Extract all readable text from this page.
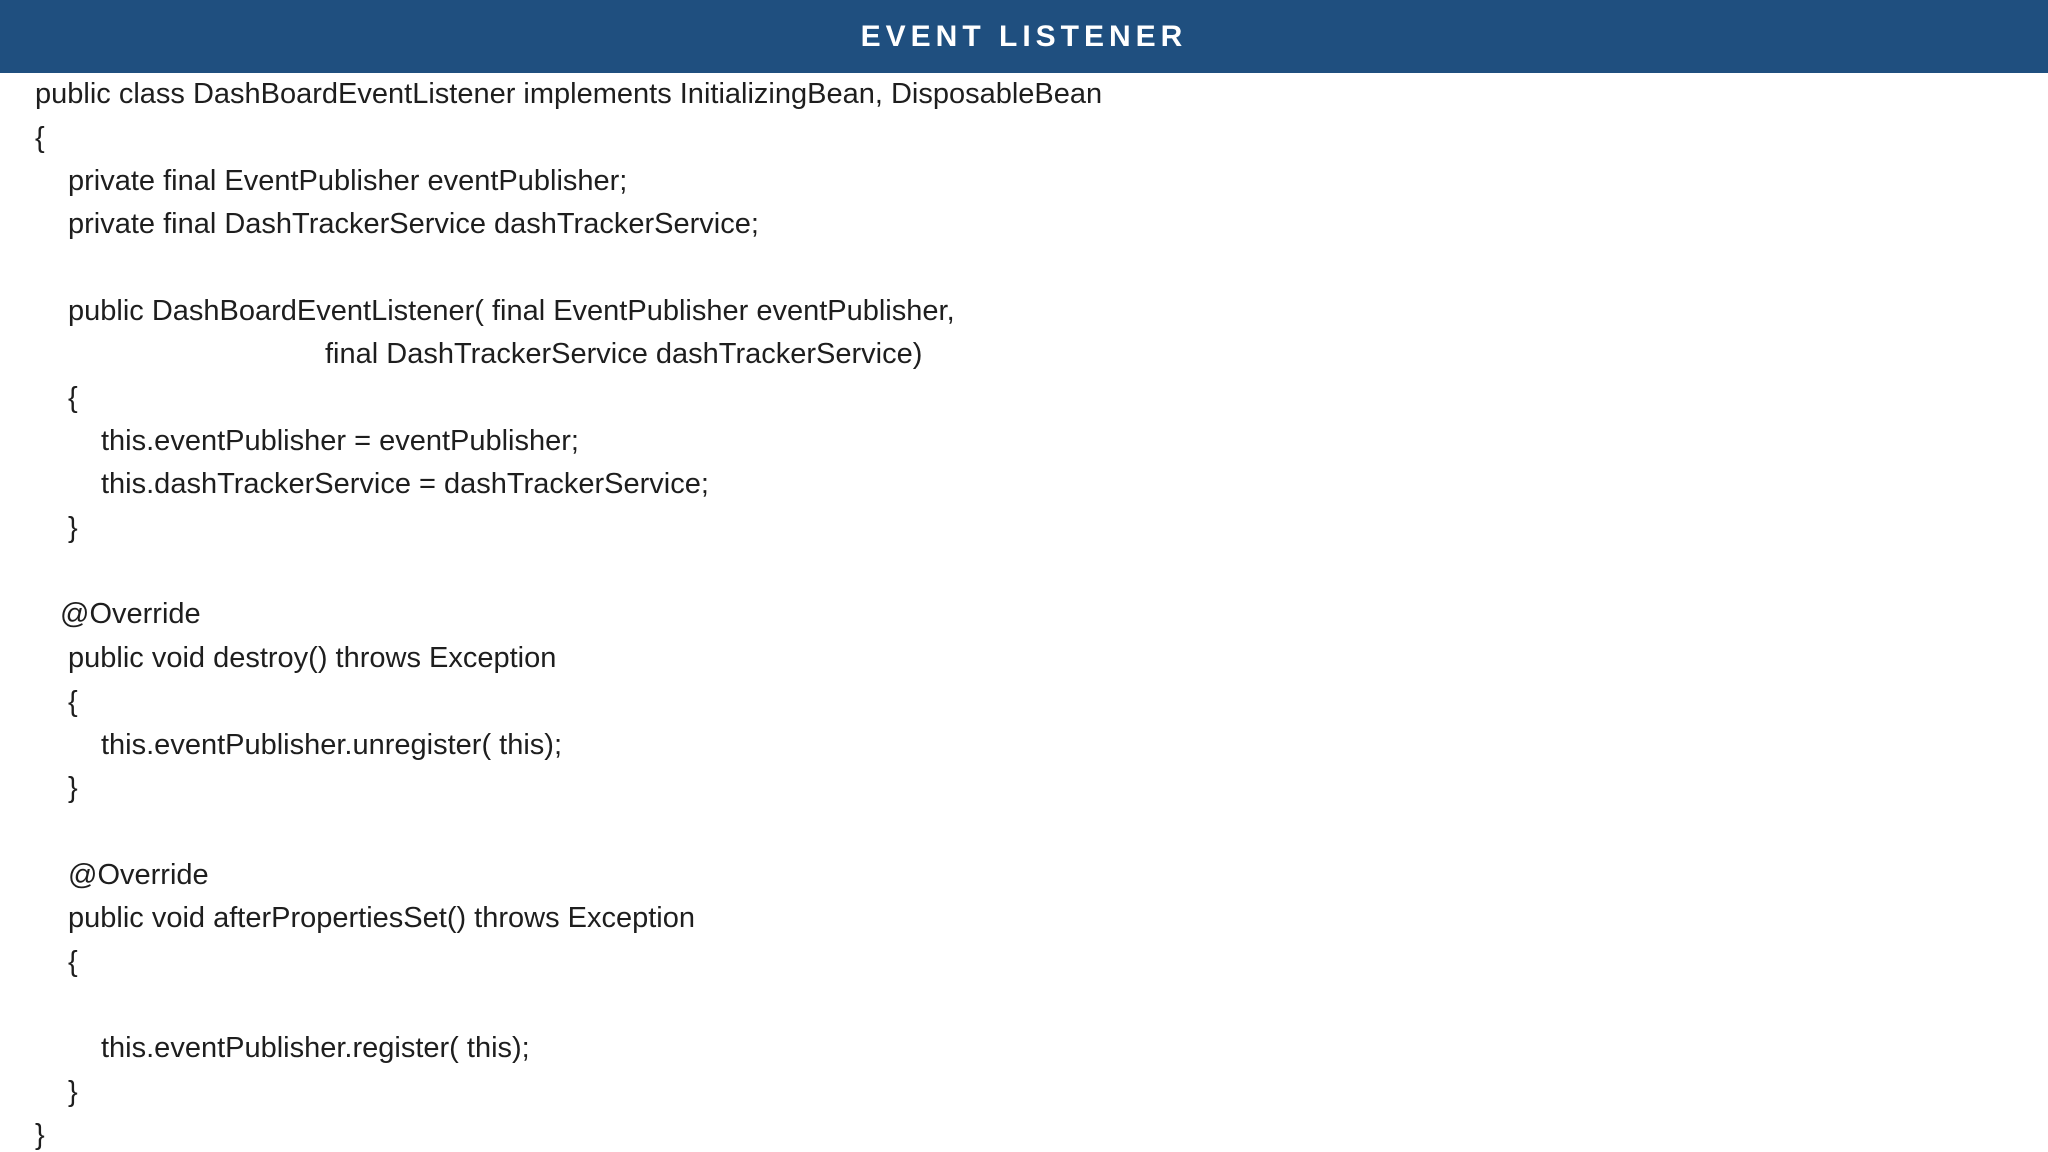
EVENT LISTENER
public class DashBoardEventListener implements InitializingBean, DisposableBean
{
private final EventPublisher eventPublisher;
private final DashTrackerService dashTrackerService;
public DashBoardEventListener( final EventPublisher eventPublisher,
final DashTrackerService dashTrackerService)
{
this.eventPublisher = eventPublisher;
this.dashTrackerService = dashTrackerService;
}
@Override
public void destroy() throws Exception
{
this.eventPublisher.unregister( this);
}
@Override
public void afterPropertiesSet() throws Exception
{
this.eventPublisher.register( this);
}
}
